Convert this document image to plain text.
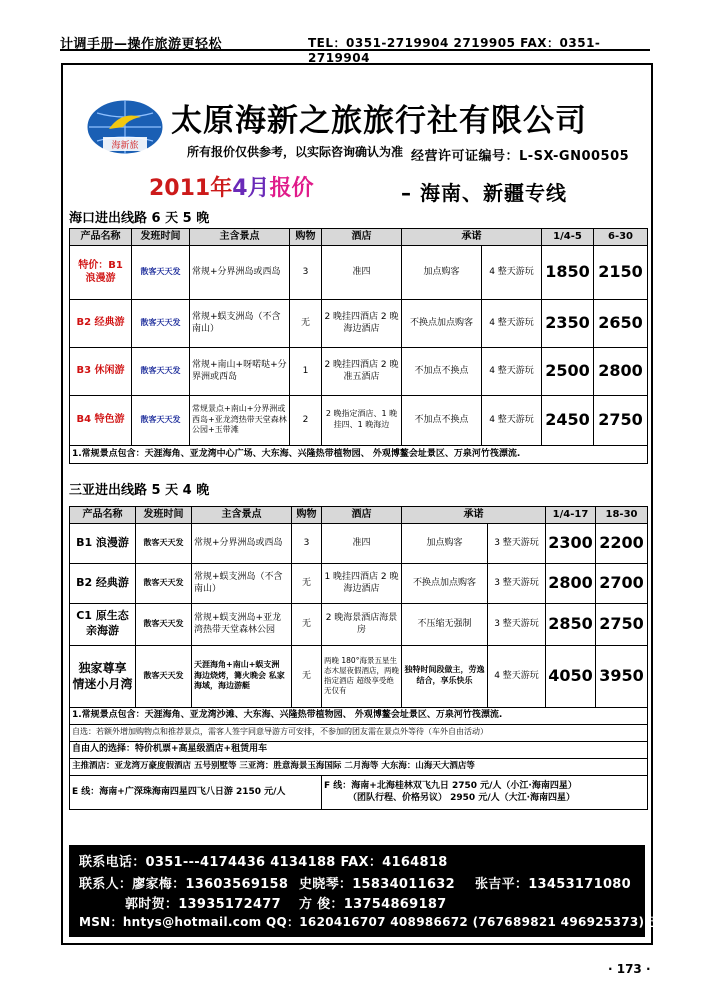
计调手册—操作旅游更轻松	TEL：0351-2719904 2719905 FAX：0351-2719904
海新旅
太原海新之旅旅行社有限公司
所有报价仅供参考，以实际咨询确认为准 经营许可证编号：L-SX-GN00505
2011年4月报价	– 海南、新疆专线
海口进出线路 6 天 5 晚
产品名称	发班时间	主含景点	购物	酒店	承诺		1/4-5	6-30
特价：B1 浪漫游	散客天天发	常规+分界洲岛或西岛	3	准四	加点购客	4 整天游玩	1850	2150
B2 经典游	散客天天发	常规+蜈支洲岛（不含南山）	无	2 晚挂四酒店 2 晚海边酒店	不换点加点购客	4 整天游玩	2350	2650
B3 休闲游	散客天天发	常规+南山+呀喏哒+分界洲或西岛	1	2 晚挂四酒店 2 晚准五酒店	不加点不换点	4 整天游玩	2500	2800
B4 特色游	散客天天发	常规景点+南山+分界洲或西岛+亚龙湾热带天堂森林公园+玉带滩	2	2 晚指定酒店、1 晚挂四、1 晚海边	不加点不换点	4 整天游玩	2450	2750
1.常规景点包含：天涯海角、亚龙湾中心广场、大东海、兴隆热带植物园、 外观博鳌会址景区、万泉河竹筏漂流.								
三亚进出线路 5 天 4 晚
产品名称	发班时间	主含景点	购物	酒店	承诺		1/4-17	18-30
B1 浪漫游	散客天天发	常规+分界洲岛或西岛	3	准四	加点购客	3 整天游玩	2300	2200
B2 经典游	散客天天发	常规+蜈支洲岛（不含南山）	无	1 晚挂四酒店 2 晚海边酒店	不换点加点购客	3 整天游玩	2800	2700
C1 原生态亲海游	散客天天发	常规+蜈支洲岛+亚龙湾热带天堂森林公园	无	2 晚海景酒店海景房	不压缩无强制	3 整天游玩	2850	2750
独家尊享 情迷小月湾	散客天天发	天涯海角+南山+蜈支洲 海边烧烤，篝火晚会 私家海域，海边游艇	无	两晚 180°海景五星生态木屋夜假酒店，两晚指定酒店 超级享受绝无仅有	独特时间段做主，劳逸结合，享乐快乐	4 整天游玩	4050	3950
1.常规景点包含：天涯海角、亚龙湾沙滩、大东海、兴隆热带植物园、 外观博鳌会址景区、万泉河竹筏漂流.								
自选：若额外增加购物点和推荐景点，需客人签字同意导游方可安排，不参加的团友需在景点外等待（车外自由活动）								
自由人的选择：特价机票+高星级酒店+租赁用车								
主推酒店：亚龙湾万豪度假酒店 五号别墅等 三亚湾：胜意海景玉海国际 二月海等 大东海：山海天大酒店等								
E 线：海南+广深珠海南四星四飞八日游 2150 元/人				F 线：海南+北海桂林双飞九日 2750 元/人（小江·海南四星）
（团队行程、价格另议） 2950 元/人（大江·海南四星）				
联系电话：0351---4174436 4134188 FAX：4164818
联系人：廖家梅：13603569158 史晓琴：15834011632 张吉平：13453171080
郭时贺：13935172477 方 俊：13754869187
MSN：hntys@hotmail.com QQ：1620416707 408986672 (767689821 496925373)已满
· 173 ·
